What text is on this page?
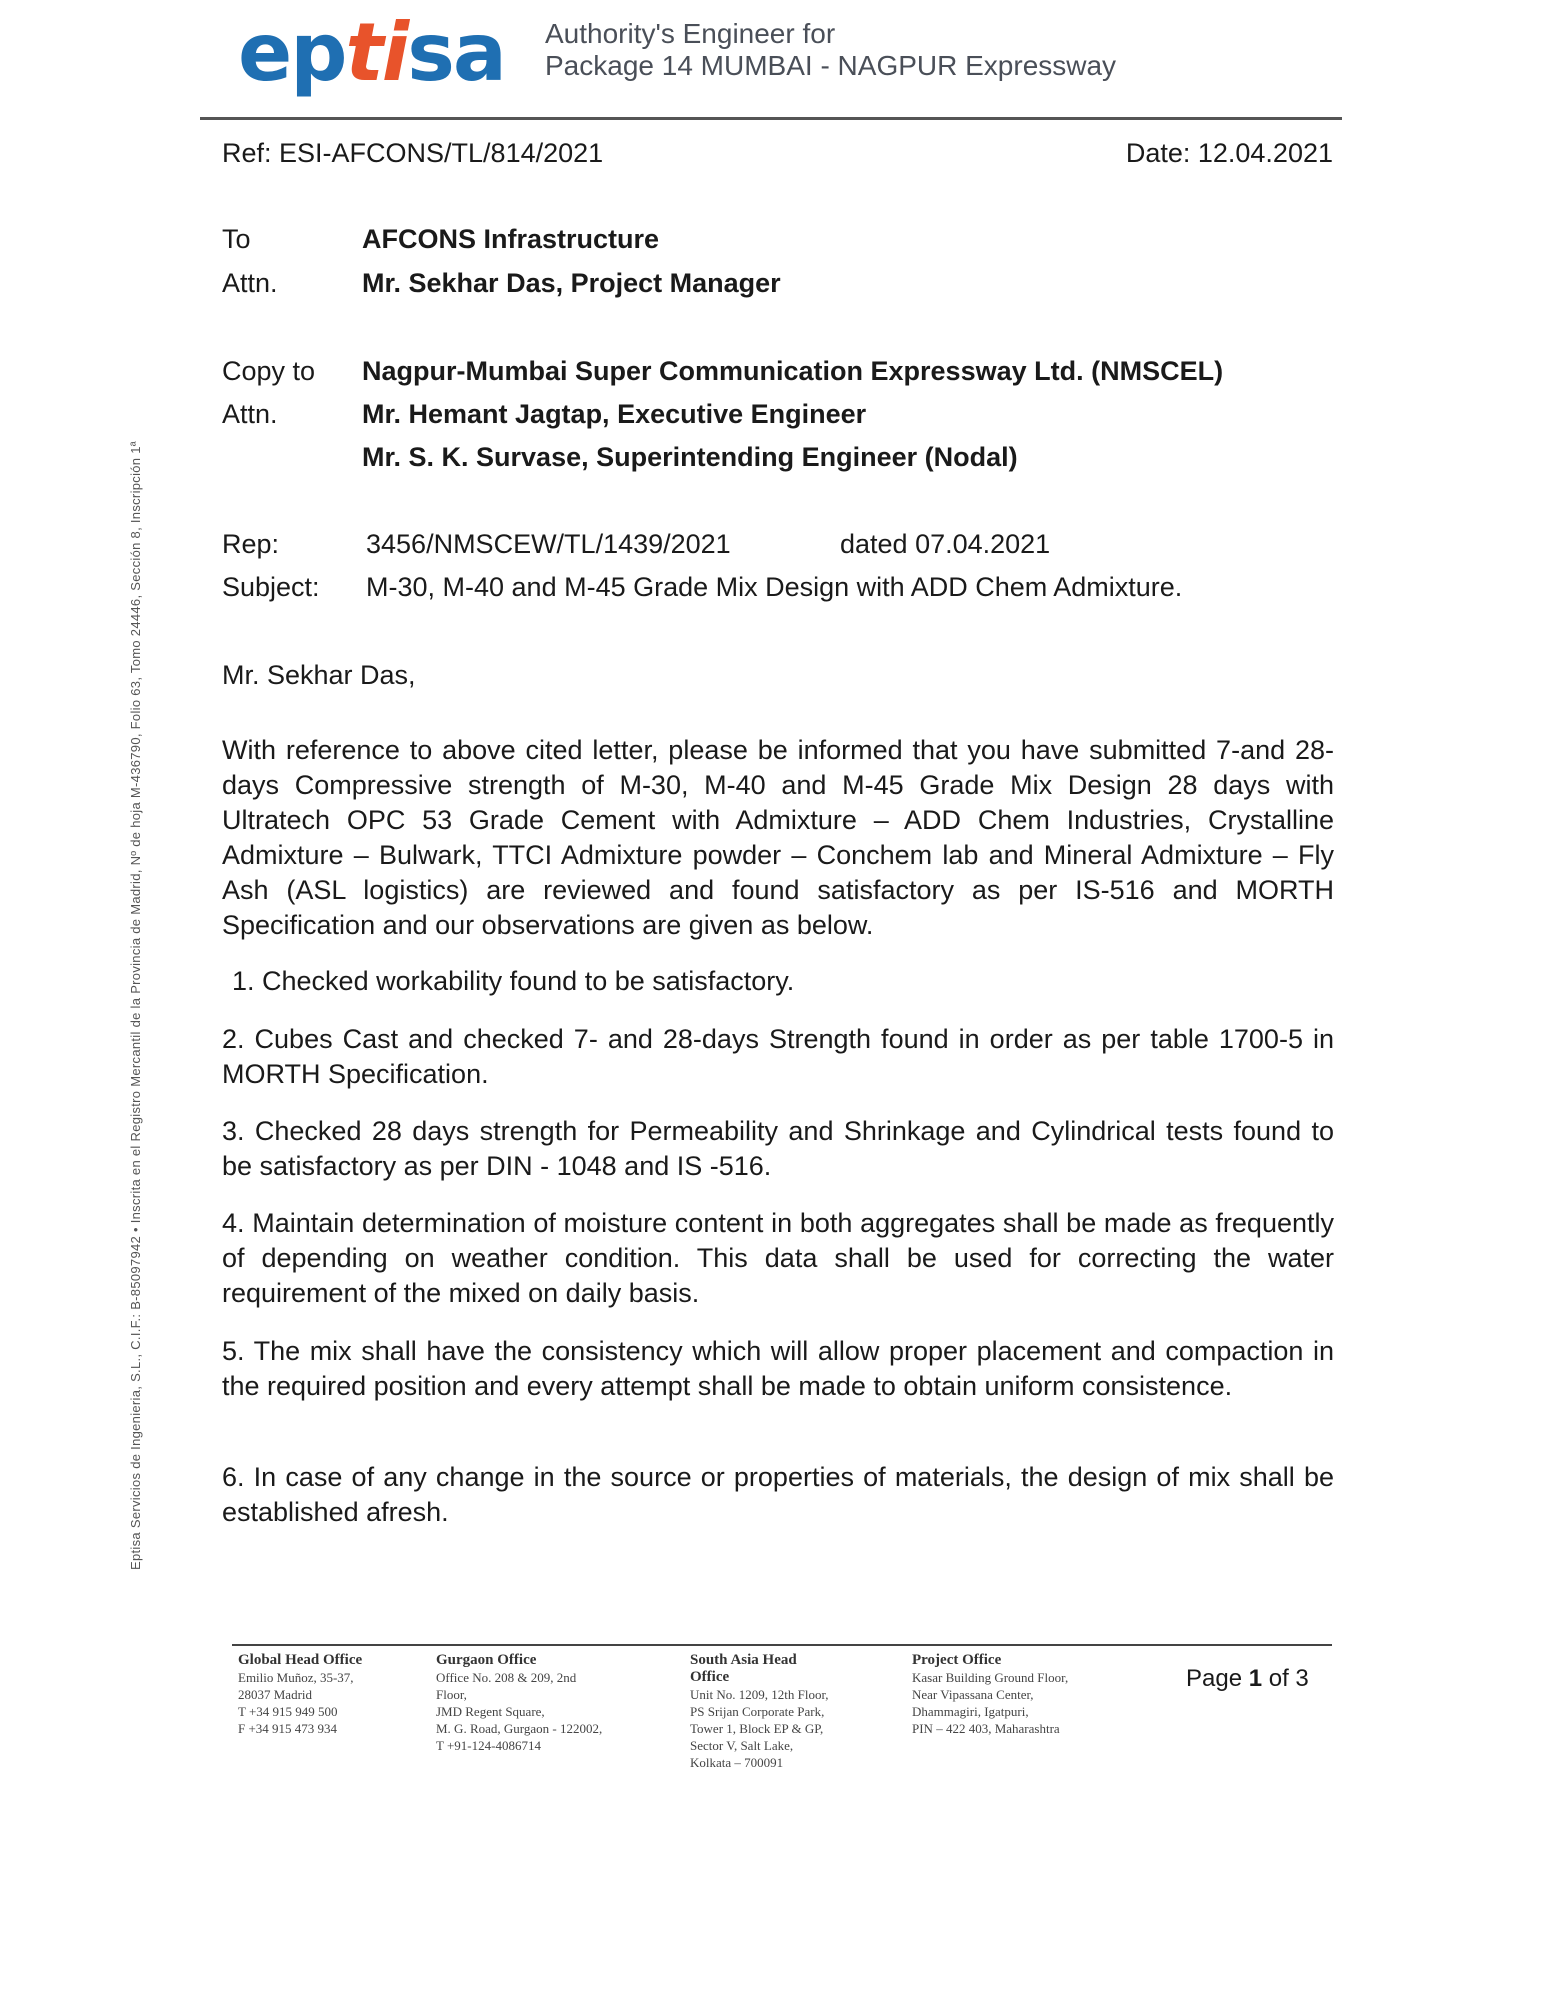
eptisa	Authority's Engineer for
Package 14 MUMBAI - NAGPUR Expressway
Ref: ESI-AFCONS/TL/814/2021	Date: 12.04.2021
To	AFCONS Infrastructure
Attn.	Mr. Sekhar Das, Project Manager
Copy to Nagpur-Mumbai Super Communication Expressway Ltd. (NMSCEL)
Attn.	Mr. Hemant Jagtap, Executive Engineer
Mr. S. K. Survase, Superintending Engineer (Nodal)
Rep:	3456/NMSCEW/TL/1439/2021	dated 07.04.2021
Subject: M-30, M-40 and M-45 Grade Mix Design with ADD Chem Admixture.
Mr. Sekhar Das,
With reference to above cited letter, please be informed that you have submitted 7-and 28-days Compressive strength of M-30, M-40 and M-45 Grade Mix Design 28 days with Ultratech OPC 53 Grade Cement with Admixture – ADD Chem Industries, Crystalline Admixture – Bulwark, TTCI Admixture powder – Conchem lab and Mineral Admixture – Fly Ash (ASL logistics) are reviewed and found satisfactory as per IS-516 and MORTH Specification and our observations are given as below.
1. Checked workability found to be satisfactory.
2. Cubes Cast and checked 7- and 28-days Strength found in order as per table 1700-5 in MORTH Specification.
3. Checked 28 days strength for Permeability and Shrinkage and Cylindrical tests found to be satisfactory as per DIN - 1048 and IS -516.
4. Maintain determination of moisture content in both aggregates shall be made as frequently of depending on weather condition. This data shall be used for correcting the water requirement of the mixed on daily basis.
5. The mix shall have the consistency which will allow proper placement and compaction in the required position and every attempt shall be made to obtain uniform consistence.
6. In case of any change in the source or properties of materials, the design of mix shall be established afresh.
Eptisa Servicios de Ingenieria, S.L., C.I.F.: B-85097942 • Inscrita en el Registro Mercantil de la Provincia de Madrid, Nº de hoja M-436790, Folio 63, Tomo 24446, Sección 8, Inscripción 1ª
Global Head Office
Emilio Muñoz, 35-37,
28037 Madrid
T +34 915 949 500
F +34 915 473 934
Gurgaon Office
Office No. 208 & 209, 2nd
Floor,
JMD Regent Square,
M. G. Road, Gurgaon - 122002,
T +91-124-4086714
South Asia Head
Office
Unit No. 1209, 12th Floor,
PS Srijan Corporate Park,
Tower 1, Block EP & GP,
Sector V, Salt Lake,
Kolkata – 700091
Project Office
Kasar Building Ground Floor,
Near Vipassana Center,
Dhammagiri, Igatpuri,
PIN – 422 403, Maharashtra
Page 1 of 3
